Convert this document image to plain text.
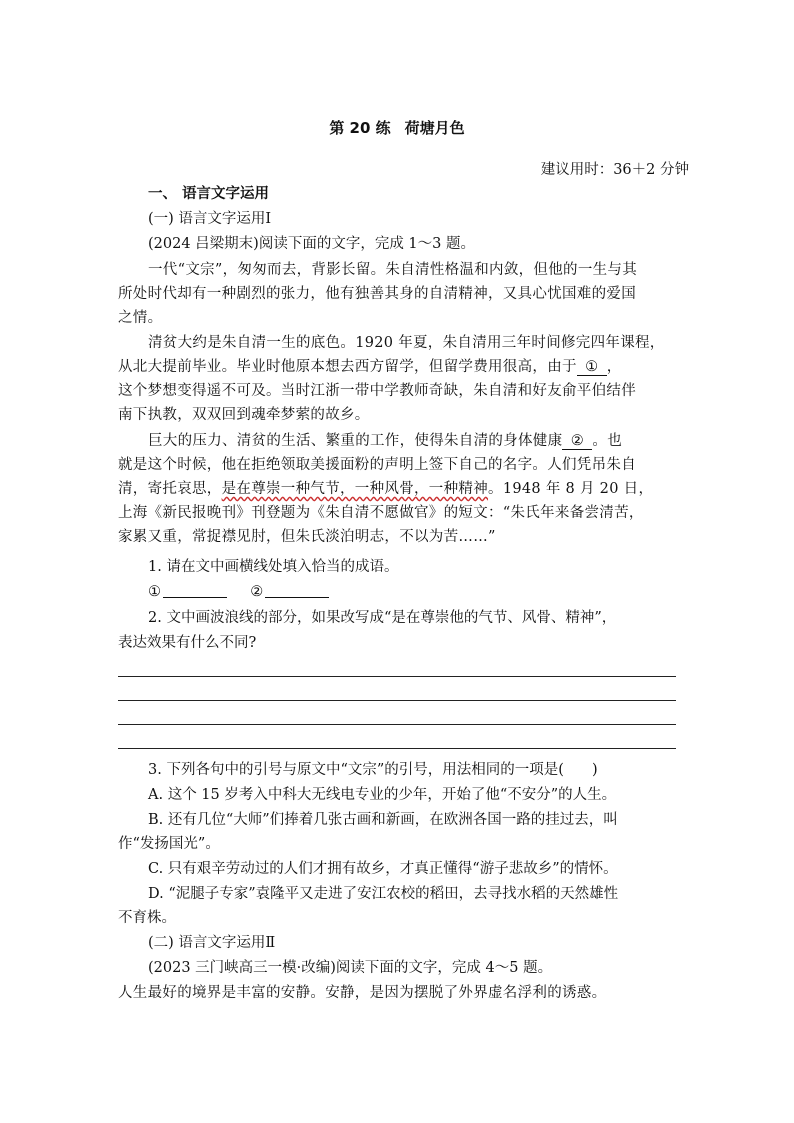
第 20 练 荷塘月色
建议用时：36＋2 分钟
一、 语言文字运用
(一) 语言文字运用Ⅰ
(2024 吕梁期末)阅读下面的文字，完成 1～3 题。
一代“文宗”，匆匆而去，背影长留。朱自清性格温和内敛，但他的一生与其
所处时代却有一种剧烈的张力，他有独善其身的自清精神，又具心忧国难的爱国
之情。
清贫大约是朱自清一生的底色。1920 年夏，朱自清用三年时间修完四年课程，
从北大提前毕业。毕业时他原本想去西方留学，但留学费用很高，由于 ① ，
这个梦想变得遥不可及。当时江浙一带中学教师奇缺，朱自清和好友俞平伯结伴
南下执教，双双回到魂牵梦萦的故乡。
巨大的压力、清贫的生活、繁重的工作，使得朱自清的身体健康 ② 。也
就是这个时候，他在拒绝领取美援面粉的声明上签下自己的名字。人们凭吊朱自
清，寄托哀思，是在尊崇一种气节，一种风骨，一种精神。1948 年 8 月 20 日，
上海《新民报晚刊》刊登题为《朱自清不愿做官》的短文：“朱氏年来备尝清苦，
家累又重，常捉襟见肘，但朱氏淡泊明志，不以为苦……”
1. 请在文中画横线处填入恰当的成语。
①	②
2. 文中画波浪线的部分，如果改写成“是在尊崇他的气节、风骨、精神”，
表达效果有什么不同?
3. 下列各句中的引号与原文中“文宗”的引号，用法相同的一项是( )
A. 这个 15 岁考入中科大无线电专业的少年，开始了他“不安分”的人生。
B. 还有几位“大师”们捧着几张古画和新画，在欧洲各国一路的挂过去，叫
作“发扬国光”。
C. 只有艰辛劳动过的人们才拥有故乡，才真正懂得“游子悲故乡”的情怀。
D. “泥腿子专家”袁隆平又走进了安江农校的稻田，去寻找水稻的天然雄性
不育株。
(二) 语言文字运用Ⅱ
(2023 三门峡高三一模·改编)阅读下面的文字，完成 4～5 题。
人生最好的境界是丰富的安静。安静，是因为摆脱了外界虚名浮利的诱惑。
